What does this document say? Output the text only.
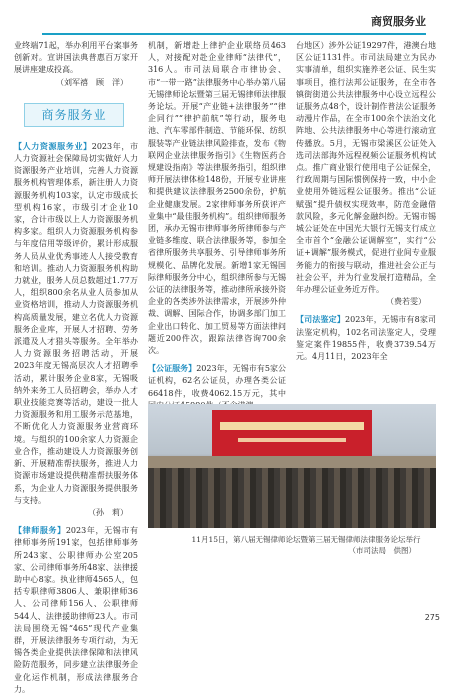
商贸服务业

业终端71起，举办利用平台案事务创新对。宣讲国法典普惠百万家开展讲座建成投高。

（刘军禧　顾　洋）

商务服务业

【人力资源服务业】2023年，市人力资源社会保障局切实做好人力资源服务产业培训，完善人力资源服务机构管理体系，新注册人力资源服务机构103家，认定市级成长型机构16家，市级引才企业10家，合计市级以上人力资源服务机构多家。组织人力资源服务机构参与年度信用等级评价，累计形成服务人员从业优秀事迹人人接受教育和培训。推动人力资源服务机构助力就业，服务人员总数超过1.77万人，组织800余名从业人员参加从业资格培训，推动人力资源服务机构高质量发展，建立名优人力资源服务企业库，开展人才招聘、劳务派遣及人才猎头等服务。全年举办人力资源服务招聘活动，开展2023年度无锡高层次人才招聘季活动，累计服务企业8家，无锡吸纳外来务工人员招聘会，举办人才职业技能竞赛等活动，建设一批人力资源服务和用工服务示范基地，不断优化人力资源服务业营商环境。与组织的100余家人力资源企业合作，推动建设人力资源服务创新、开展精准帮扶服务，推进人力资源市场建设提供精准帮扶服务体系，为企业人力资源服务提供服务与支持。

（孙　莉）

【律师服务】2023年，无锡市有律师事务所191家，包括律师事务所243家、公职律师办公室205家、公司律师事务所48家、法律援助中心8家。执业律师4565人，包括专职律师3806人、兼职律师36人、公司律师156人、公职律师544人、法律援助律师23人。市司法局围绕无锡“465”现代产业集群，开展法律服务专项行动，为无锡各类企业提供法律保障和法律风险防范服务，同步建立法律服务企业化运作机制，形成法律服务合力。

机制，新增赴上律护企业联络员463人，对接配对赴企业律师“法律代”，316人。市司法局联合市律协会、市“一带一路”法律服务中心举办第八届无锡律师论坛暨第三届无锡律师法律服务论坛。开展“产业链+法律服务”“律企同行”“律护前航”等行动，服务电池、汽车零部件制造、节能环保、纺织服装等产业链法律风险排查，发布《物联网企业法律服务指引》《生物医药合规建设指南》等法律服务指引，组织律师开展法律体检148份，开展专业讲座和提供建议法律服务2500余份，护航企业健康发展。2家律师事务所获评产业集中“最佳服务机构”。组织律师服务团，承办无锡市律师事务所律师参与产业链多维度、联合法律服务等，参加全省律所服务共享服务、引导律师事务所规模化、品牌化发展。新增1家无锡国际律师服务分中心，组织律所参与无锡公证的法律服务等，推动律所承接外资企业的各类涉外法律需求，开展涉外仲裁、调解、国际合作，协调多部门加工企业出口转化、加工贸易等方面法律问题近200件次，跟踪法律咨询700余次。

【公证服务】2023年，无锡市有5家公证机构，62名公证员，办理各类公证66418件，收费4062.15万元，其中

台地区）涉外公证19297件，港澳台地区公证1131件。市司法局建立为民办实事清单，组织实施养老公证、民生实事项目，推行法邦公证服务，在全市各镇街街道公共法律服务中心设立远程公证服务点48个，设计制作普法公证服务动漫片作品，在全市100余个法治文化阵地、公共法律服务中心等进行滚动宣传播放。5月，无锡市梁溪区公证处入选司法部海外远程视频公证服务机构试点。推广商业银行使用电子公证保全，行政周期与国际惯例保持一致，中小企业使用外链远程公证服务。推出“公证赋强”提升债权实现效率，防范金融借款风险，多元化解金融纠纷。无锡市锡城公证处在中国光大银行无锡支行成立全市首个“金融公证调解室”，实行“公证+调解”服务模式，促进行业间专业服务能力的衔接与联动，推进社会公正与社会公平，并为行业发展打造精品，全年办理公证业务近万件。

（费若雯）

【司法鉴定】2023年，无锡市有8家司法鉴定机构，102名司法鉴定人，受理鉴定案件19855件，收费3739.54万元。4月11日，2023年全

11月15日，第八届无锡律师论坛暨第三届无锡律师法律服务论坛举行
（市司法局　供图）
275
